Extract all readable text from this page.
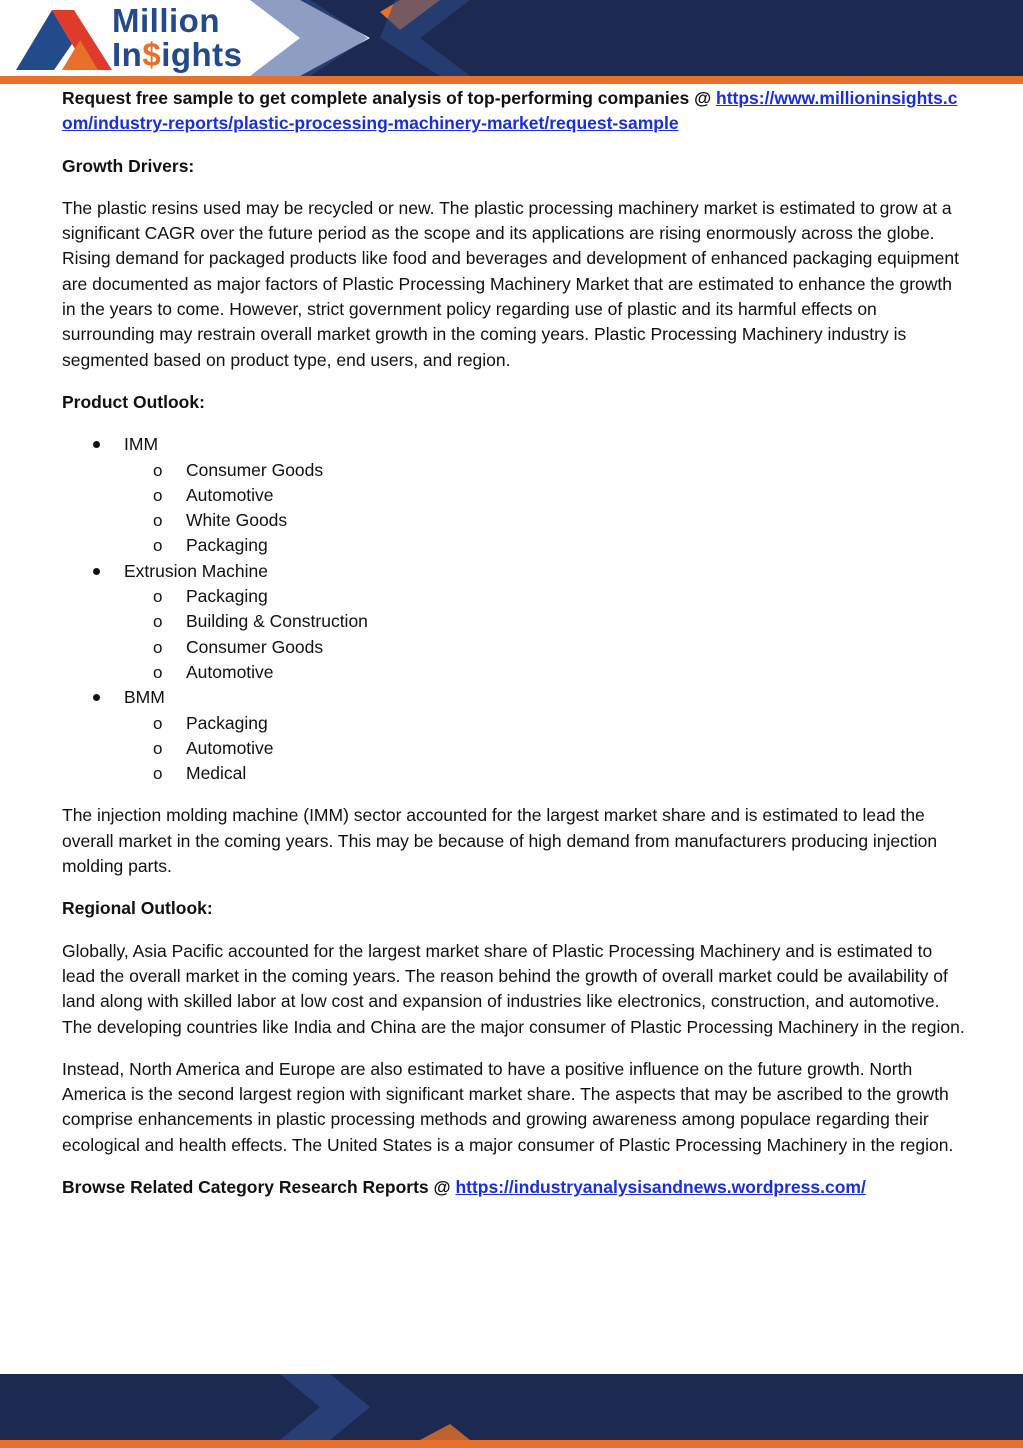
Million
In$ights

Request free sample to get complete analysis of top-performing companies @ https://www.millioninsights.com/industry-reports/plastic-processing-machinery-market/request-sample

Growth Drivers:

The plastic resins used may be recycled or new. The plastic processing machinery market is estimated to grow at a significant CAGR over the future period as the scope and its applications are rising enormously across the globe. Rising demand for packaged products like food and beverages and development of enhanced packaging equipment are documented as major factors of Plastic Processing Machinery Market that are estimated to enhance the growth in the years to come. However, strict government policy regarding use of plastic and its harmful effects on surrounding may restrain overall market growth in the coming years. Plastic Processing Machinery industry is segmented based on product type, end users, and region.

Product Outlook:

IMM
o Consumer Goods
o Automotive
o White Goods
o Packaging
Extrusion Machine
o Packaging
o Building & Construction
o Consumer Goods
o Automotive
BMM
o Packaging
o Automotive
o Medical

The injection molding machine (IMM) sector accounted for the largest market share and is estimated to lead the overall market in the coming years. This may be because of high demand from manufacturers producing injection molding parts.

Regional Outlook:

Globally, Asia Pacific accounted for the largest market share of Plastic Processing Machinery and is estimated to lead the overall market in the coming years. The reason behind the growth of overall market could be availability of land along with skilled labor at low cost and expansion of industries like electronics, construction, and automotive. The developing countries like India and China are the major consumer of Plastic Processing Machinery in the region.

Instead, North America and Europe are also estimated to have a positive influence on the future growth. North America is the second largest region with significant market share. The aspects that may be ascribed to the growth comprise enhancements in plastic processing methods and growing awareness among populace regarding their ecological and health effects. The United States is a major consumer of Plastic Processing Machinery in the region.

Browse Related Category Research Reports @ https://industryanalysisandnews.wordpress.com/
